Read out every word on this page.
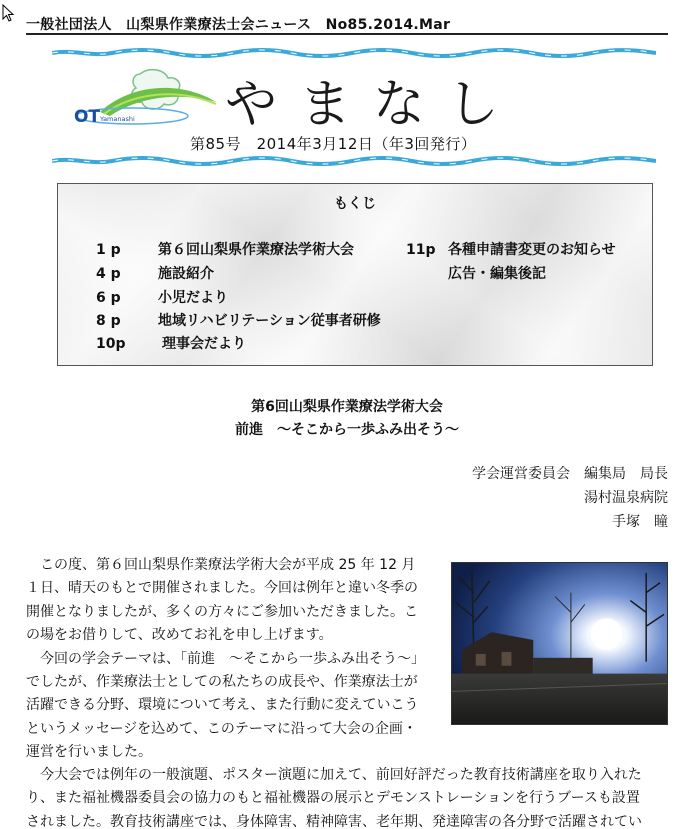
一般社団法人　山梨県作業療法士会ニュース　No85.2014.Mar
OT Yamanashi やまなし
第85号　2014年3月12日（年3回発行）
もくじ
1 p	第６回山梨県作業療法学術大会
4 p	施設紹介
6 p	小児だより
8 p	地域リハビリテーション従事者研修
10p	理事会だより
11p 各種申請書変更のお知らせ
広告・編集後記
第6回山梨県作業療法学術大会
前進　～そこから一歩ふみ出そう～
学会運営委員会　編集局　局長
湯村温泉病院
手塚　瞳
　この度、第６回山梨県作業療法学術大会が平成 25 年 12 月
１日、晴天のもとで開催されました。今回は例年と違い冬季の
開催となりましたが、多くの方々にご参加いただきました。こ
の場をお借りして、改めてお礼を申し上げます。
　今回の学会テーマは、「前進　～そこから一歩ふみ出そう～」
でしたが、作業療法士としての私たちの成長や、作業療法士が
活躍できる分野、環境について考え、また行動に変えていこう
というメッセージを込めて、このテーマに沿って大会の企画・
運営を行いました。
　今大会では例年の一般演題、ポスター演題に加えて、前回好評だった教育技術講座を取り入れた
り、また福祉機器委員会の協力のもと福祉機器の展示とデモンストレーションを行うブースも設置
されました。教育技術講座では、身体障害、精神障害、老年期、発達障害の各分野で活躍されてい
